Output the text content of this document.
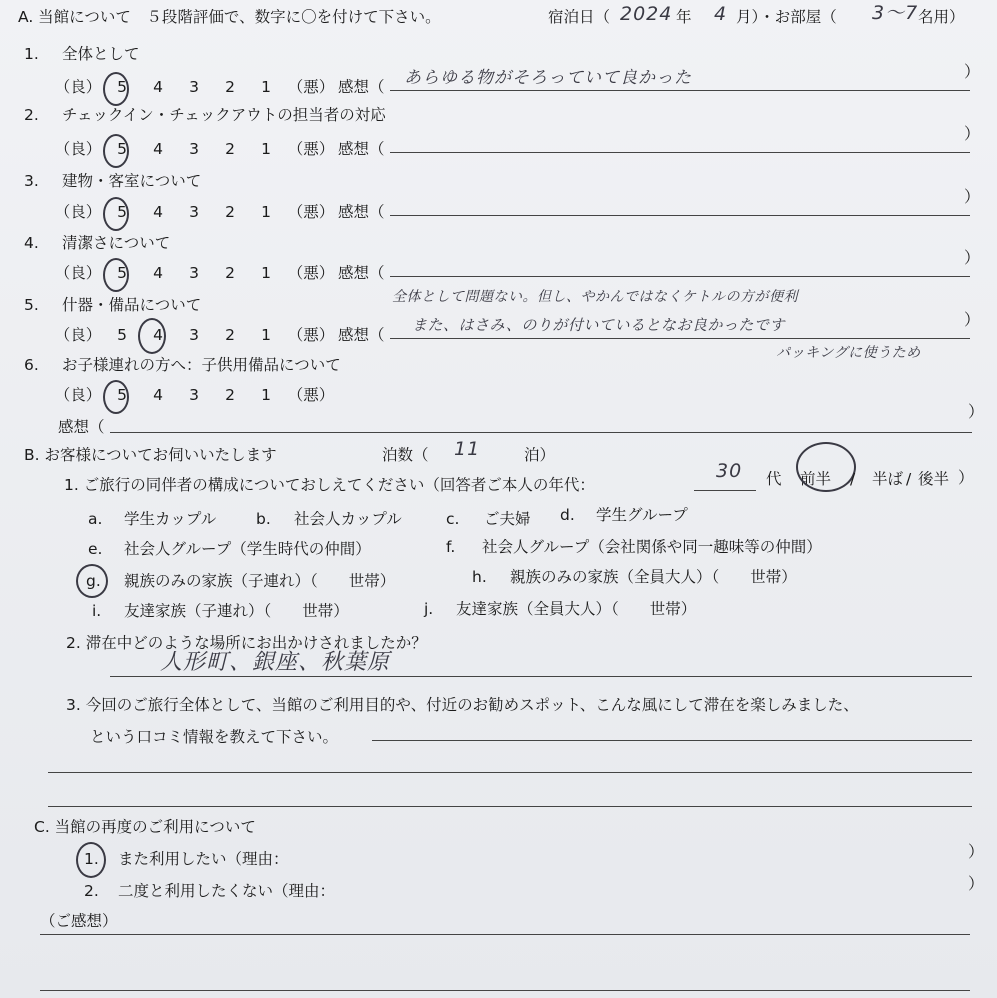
A. 当館について　５段階評価で、数字に〇を付けて下さい。	宿泊日（ 2024 年 4 月）・お部屋（ 3〜7 名用）
1. 全体として
（良） 5 4 3 2 1 （悪） 感想（ あらゆる物がそろっていて良かった	）
2. チェックイン・チェックアウトの担当者の対応
（良） 5 4 3 2 1 （悪） 感想（
）
3. 建物・客室について
（良） 5 4 3 2 1 （悪） 感想（
）
4. 清潔さについて
（良） 5 4 3 2 1 （悪） 感想（
）
5. 什器・備品について	全体として問題ない。但し、やかんではなくケトルの方が便利
（良） 5 4 3 2 1 （悪） 感想（
また、はさみ、のりが付いているとなお良かったです	）
パッキングに使うため
6. お子様連れの方へ：子供用備品について
（良） 5 4 3 2 1 （悪）
感想（
）
B. お客様についてお伺いいたします	泊数（ 11	泊）
1. ご旅行の同伴者の構成についておしえてください（回答者ご本人の年代：
30 代 前半 / 半ば / 後半 ）
a. 学生カップル	b. 社会人カップル	c. ご夫婦 d. 学生グループ
e. 社会人グループ（学生時代の仲間）	f. 社会人グループ（会社関係や同一趣味等の仲間）
g. 親族のみの家族（子連れ）（　　世帯）	h. 親族のみの家族（全員大人）（　　世帯）
i. 友達家族（子連れ）（　　世帯）	j. 友達家族（全員大人）（　　世帯）
2. 滞在中どのような場所にお出かけされましたか？
人形町、銀座、秋葉原
3. 今回のご旅行全体として、当館のご利用目的や、付近のお勧めスポット、こんな風にして滞在を楽しみました、
という口コミ情報を教えて下さい。
C. 当館の再度のご利用について
1. また利用したい（理由：	）
2. 二度と利用したくない（理由：	）
（ご感想）
